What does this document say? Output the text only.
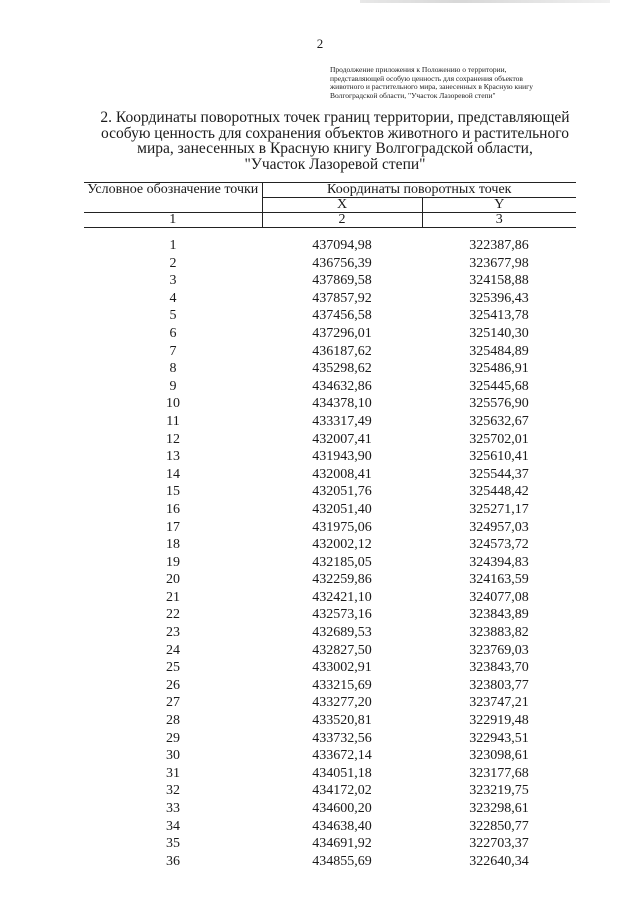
2
Продолжение приложения к Положению о территории,
представляющей особую ценность для сохранения объектов
животного и растительного мира, занесенных в Красную книгу
Волгоградской области, "Участок Лазоревой степи"
2. Координаты поворотных точек границ территории, представляющей
особую ценность для сохранения объектов животного и растительного
мира, занесенных в Красную книгу Волгоградской области,
"Участок Лазоревой степи"
Условное обозначение точки	Координаты поворотных точек	
	X	Y
1	2	3
1	437094,98	322387,86
2	436756,39	323677,98
3	437869,58	324158,88
4	437857,92	325396,43
5	437456,58	325413,78
6	437296,01	325140,30
7	436187,62	325484,89
8	435298,62	325486,91
9	434632,86	325445,68
10	434378,10	325576,90
11	433317,49	325632,67
12	432007,41	325702,01
13	431943,90	325610,41
14	432008,41	325544,37
15	432051,76	325448,42
16	432051,40	325271,17
17	431975,06	324957,03
18	432002,12	324573,72
19	432185,05	324394,83
20	432259,86	324163,59
21	432421,10	324077,08
22	432573,16	323843,89
23	432689,53	323883,82
24	432827,50	323769,03
25	433002,91	323843,70
26	433215,69	323803,77
27	433277,20	323747,21
28	433520,81	322919,48
29	433732,56	322943,51
30	433672,14	323098,61
31	434051,18	323177,68
32	434172,02	323219,75
33	434600,20	323298,61
34	434638,40	322850,77
35	434691,92	322703,37
36	434855,69	322640,34
